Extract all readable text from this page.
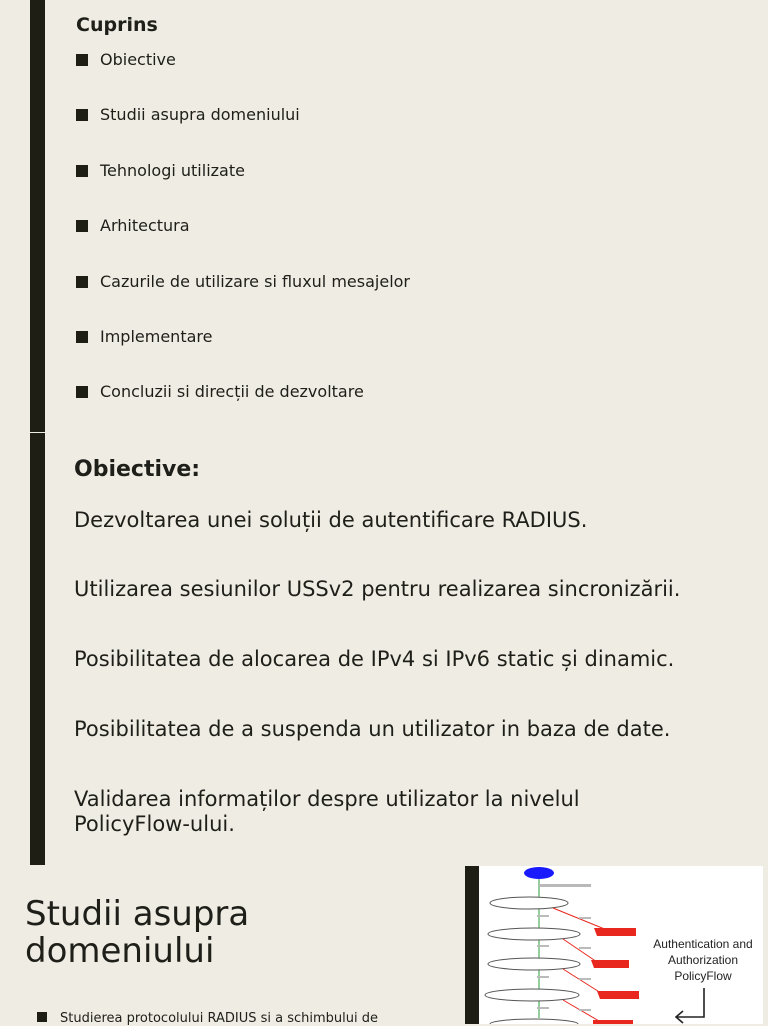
Cuprins
Obiective
Studii asupra domeniului
Tehnologi utilizate
Arhitectura
Cazurile de utilizare si fluxul mesajelor
Implementare
Concluzii si direcții de dezvoltare
Obiective:
Dezvoltarea unei soluții de autentificare RADIUS.
Utilizarea sesiunilor USSv2 pentru realizarea sincronizării.
Posibilitatea de alocarea de IPv4 si IPv6 static și dinamic.
Posibilitatea de a suspenda un utilizator in baza de date.
Validarea informaților despre utilizator la nivelul PolicyFlow-ului.
Studii asupra domeniului
Studierea protocolului RADIUS si a schimbului de
Authentication and Authorization PolicyFlow
